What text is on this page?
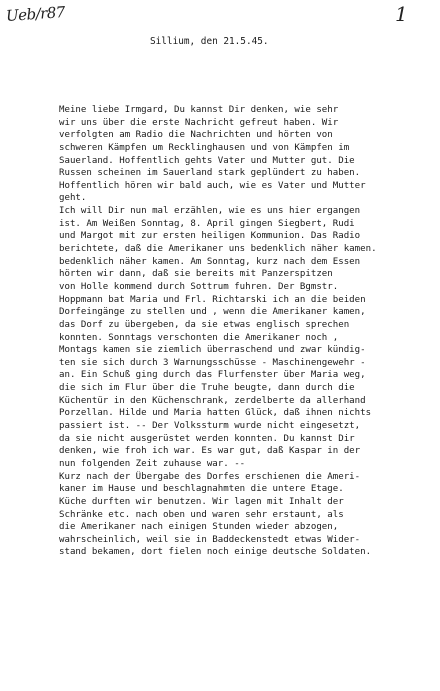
Ueb/r87	1
Sillium, den 21.5.45.
Meine liebe Irmgard, Du kannst Dir denken, wie sehr
wir uns über die erste Nachricht gefreut haben. Wir
verfolgten am Radio die Nachrichten und hörten von
schweren Kämpfen um Recklinghausen und von Kämpfen im
Sauerland. Hoffentlich gehts Vater und Mutter gut. Die
Russen scheinen im Sauerland stark geplündert zu haben.
Hoffentlich hören wir bald auch, wie es Vater und Mutter
geht.
Ich will Dir nun mal erzählen, wie es uns hier ergangen
ist. Am Weißen Sonntag, 8. April gingen Siegbert, Rudi
und Margot mit zur ersten heiligen Kommunion. Das Radio
berichtete, daß die Amerikaner uns bedenklich näher kamen.
bedenklich näher kamen. Am Sonntag, kurz nach dem Essen
hörten wir dann, daß sie bereits mit Panzerspitzen
von Holle kommend durch Sottrum fuhren. Der Bgmstr.
Hoppmann bat Maria und Frl. Richtarski ich an die beiden
Dorfeingänge zu stellen und , wenn die Amerikaner kamen,
das Dorf zu übergeben, da sie etwas englisch sprechen
konnten. Sonntags verschonten die Amerikaner noch ,
Montags kamen sie ziemlich überraschend und zwar kündig-
ten sie sich durch 3 Warnungsschüsse - Maschinengewehr -
an. Ein Schuß ging durch das Flurfenster über Maria weg,
die sich im Flur über die Truhe beugte, dann durch die
Küchentür in den Küchenschrank, zerdelberte da allerhand
Porzellan. Hilde und Maria hatten Glück, daß ihnen nichts
passiert ist. -- Der Volkssturm wurde nicht eingesetzt,
da sie nicht ausgerüstet werden konnten. Du kannst Dir
denken, wie froh ich war. Es war gut, daß Kaspar in der
nun folgenden Zeit zuhause war. --
Kurz nach der Übergabe des Dorfes erschienen die Ameri-
kaner im Hause und beschlagnahmten die untere Etage.
Küche durften wir benutzen. Wir lagen mit Inhalt der
Schränke etc. nach oben und waren sehr erstaunt, als
die Amerikaner nach einigen Stunden wieder abzogen,
wahrscheinlich, weil sie in Baddeckenstedt etwas Wider-
stand bekamen, dort fielen noch einige deutsche Soldaten.
